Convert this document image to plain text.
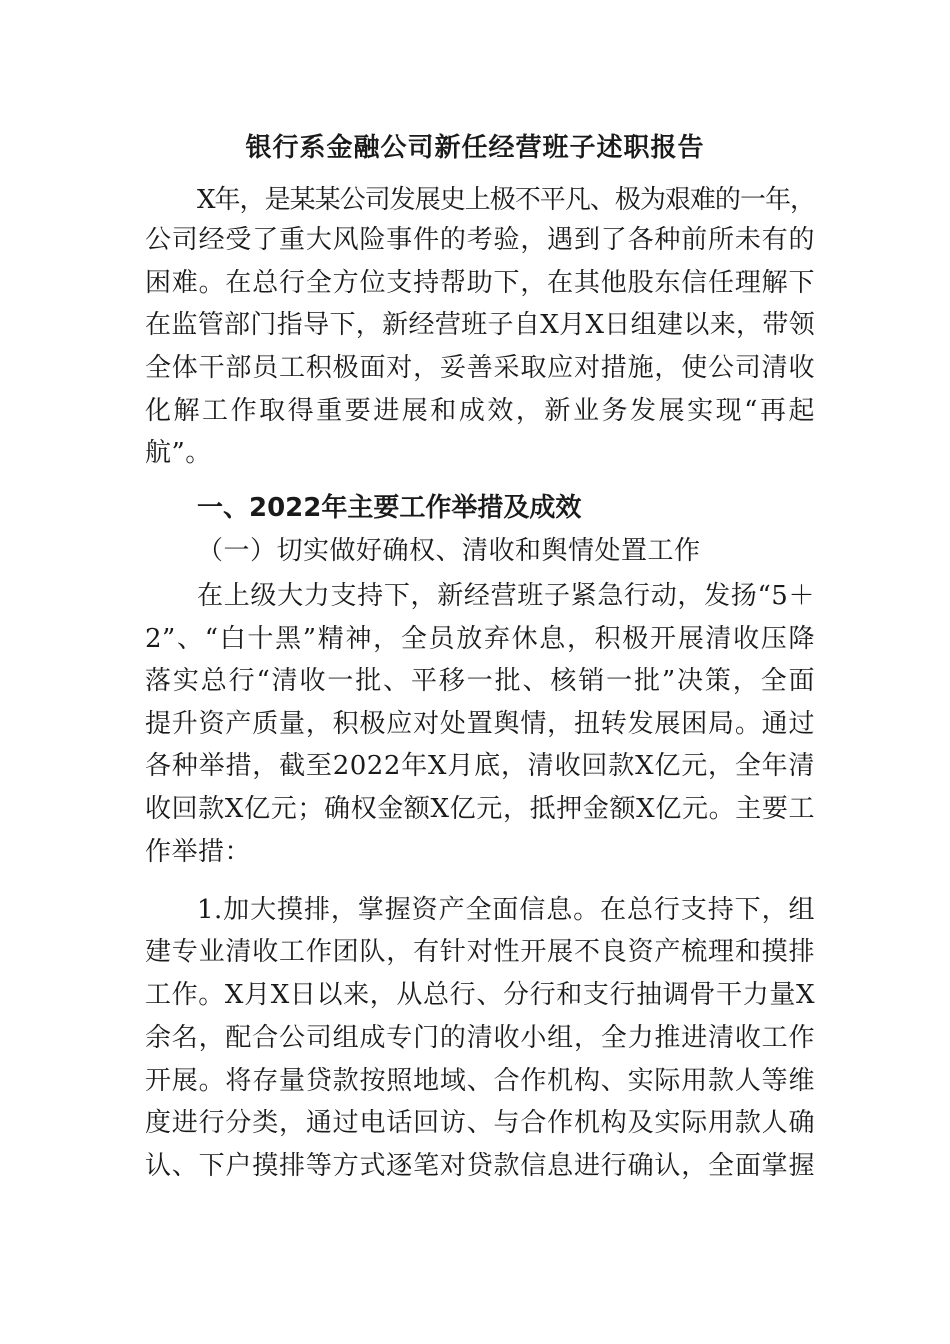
银行系金融公司新任经营班子述职报告
X年，是某某公司发展史上极不平凡、极为艰难的一年，
公司经受了重大风险事件的考验，遇到了各种前所未有的
困难。在总行全方位支持帮助下，在其他股东信任理解下
在监管部门指导下，新经营班子自X月X日组建以来，带领
全体干部员工积极面对，妥善采取应对措施，使公司清收
化解工作取得重要进展和成效，新业务发展实现“再起
航”。
一、2022年主要工作举措及成效
（一）切实做好确权、清收和舆情处置工作
在上级大力支持下，新经营班子紧急行动，发扬“5＋
2”、“白十黑”精神，全员放弃休息，积极开展清收压降
落实总行“清收一批、平移一批、核销一批”决策，全面
提升资产质量，积极应对处置舆情，扭转发展困局。通过
各种举措，截至2022年X月底，清收回款X亿元，全年清
收回款X亿元；确权金额X亿元，抵押金额X亿元。主要工
作举措：
1.加大摸排，掌握资产全面信息。在总行支持下，组
建专业清收工作团队，有针对性开展不良资产梳理和摸排
工作。X月X日以来，从总行、分行和支行抽调骨干力量X
余名，配合公司组成专门的清收小组，全力推进清收工作
开展。将存量贷款按照地域、合作机构、实际用款人等维
度进行分类，通过电话回访、与合作机构及实际用款人确
认、下户摸排等方式逐笔对贷款信息进行确认，全面掌握
